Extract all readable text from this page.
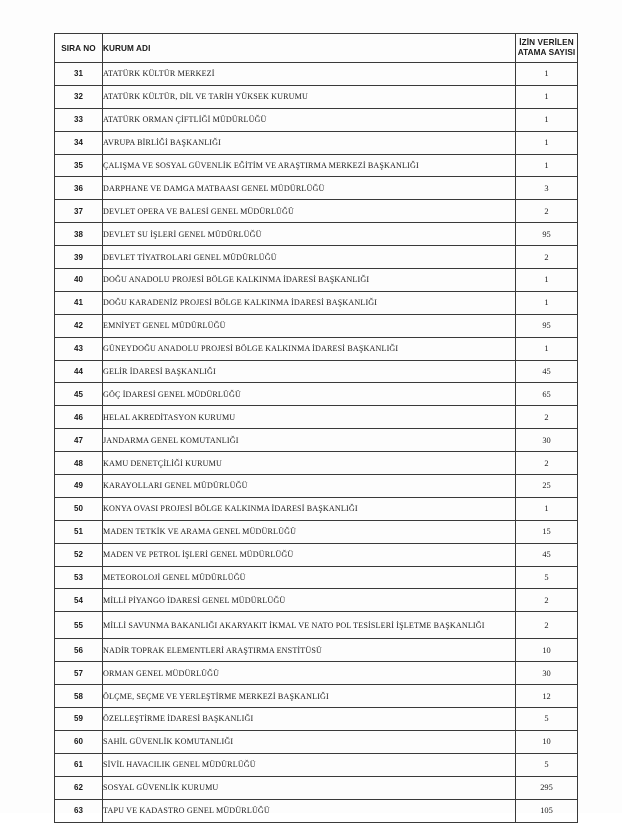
SIRA NO	KURUM ADI	İZİN VERİLEN
ATAMA SAYISI

31	ATATÜRK KÜLTÜR MERKEZİ	1
32	ATATÜRK KÜLTÜR, DİL VE TARİH YÜKSEK KURUMU	1
33	ATATÜRK ORMAN ÇİFTLİĞİ MÜDÜRLÜĞÜ	1
34	AVRUPA BİRLİĞİ BAŞKANLIĞI	1
35	ÇALIŞMA VE SOSYAL GÜVENLİK EĞİTİM VE ARAŞTIRMA MERKEZİ BAŞKANLIĞI	1
36	DARPHANE VE DAMGA MATBAASI GENEL MÜDÜRLÜĞÜ	3
37	DEVLET OPERA VE BALESİ GENEL MÜDÜRLÜĞÜ	2
38	DEVLET SU İŞLERİ GENEL MÜDÜRLÜĞÜ	95
39	DEVLET TİYATROLARI GENEL MÜDÜRLÜĞÜ	2
40	DOĞU ANADOLU PROJESİ BÖLGE KALKINMA İDARESİ BAŞKANLIĞI	1
41	DOĞU KARADENİZ PROJESİ BÖLGE KALKINMA İDARESİ BAŞKANLIĞI	1
42	EMNİYET GENEL MÜDÜRLÜĞÜ	95
43	GÜNEYDOĞU ANADOLU PROJESİ BÖLGE KALKINMA İDARESİ BAŞKANLIĞI	1
44	GELİR İDARESİ BAŞKANLIĞI	45
45	GÖÇ İDARESİ GENEL MÜDÜRLÜĞÜ	65
46	HELAL AKREDİTASYON KURUMU	2
47	JANDARMA GENEL KOMUTANLIĞI	30
48	KAMU DENETÇİLİĞİ KURUMU	2
49	KARAYOLLARI GENEL MÜDÜRLÜĞÜ	25
50	KONYA OVASI PROJESİ BÖLGE KALKINMA İDARESİ BAŞKANLIĞI	1
51	MADEN TETKİK VE ARAMA GENEL MÜDÜRLÜĞÜ	15
52	MADEN VE PETROL İŞLERİ GENEL MÜDÜRLÜĞÜ	45
53	METEOROLOJİ GENEL MÜDÜRLÜĞÜ	5
54	MİLLİ PİYANGO İDARESİ GENEL MÜDÜRLÜĞÜ	2
55	MİLLİ SAVUNMA BAKANLIĞI AKARYAKIT İKMAL VE NATO POL TESİSLERİ İŞLETME BAŞKANLIĞI	2
56	NADİR TOPRAK ELEMENTLERİ ARAŞTIRMA ENSTİTÜSÜ	10
57	ORMAN GENEL MÜDÜRLÜĞÜ	30
58	ÖLÇME, SEÇME VE YERLEŞTİRME MERKEZİ BAŞKANLIĞI	12
59	ÖZELLEŞTİRME İDARESİ BAŞKANLIĞI	5
60	SAHİL GÜVENLİK KOMUTANLIĞI	10
61	SİVİL HAVACILIK GENEL MÜDÜRLÜĞÜ	5
62	SOSYAL GÜVENLİK KURUMU	295
63	TAPU VE KADASTRO GENEL MÜDÜRLÜĞÜ	105
